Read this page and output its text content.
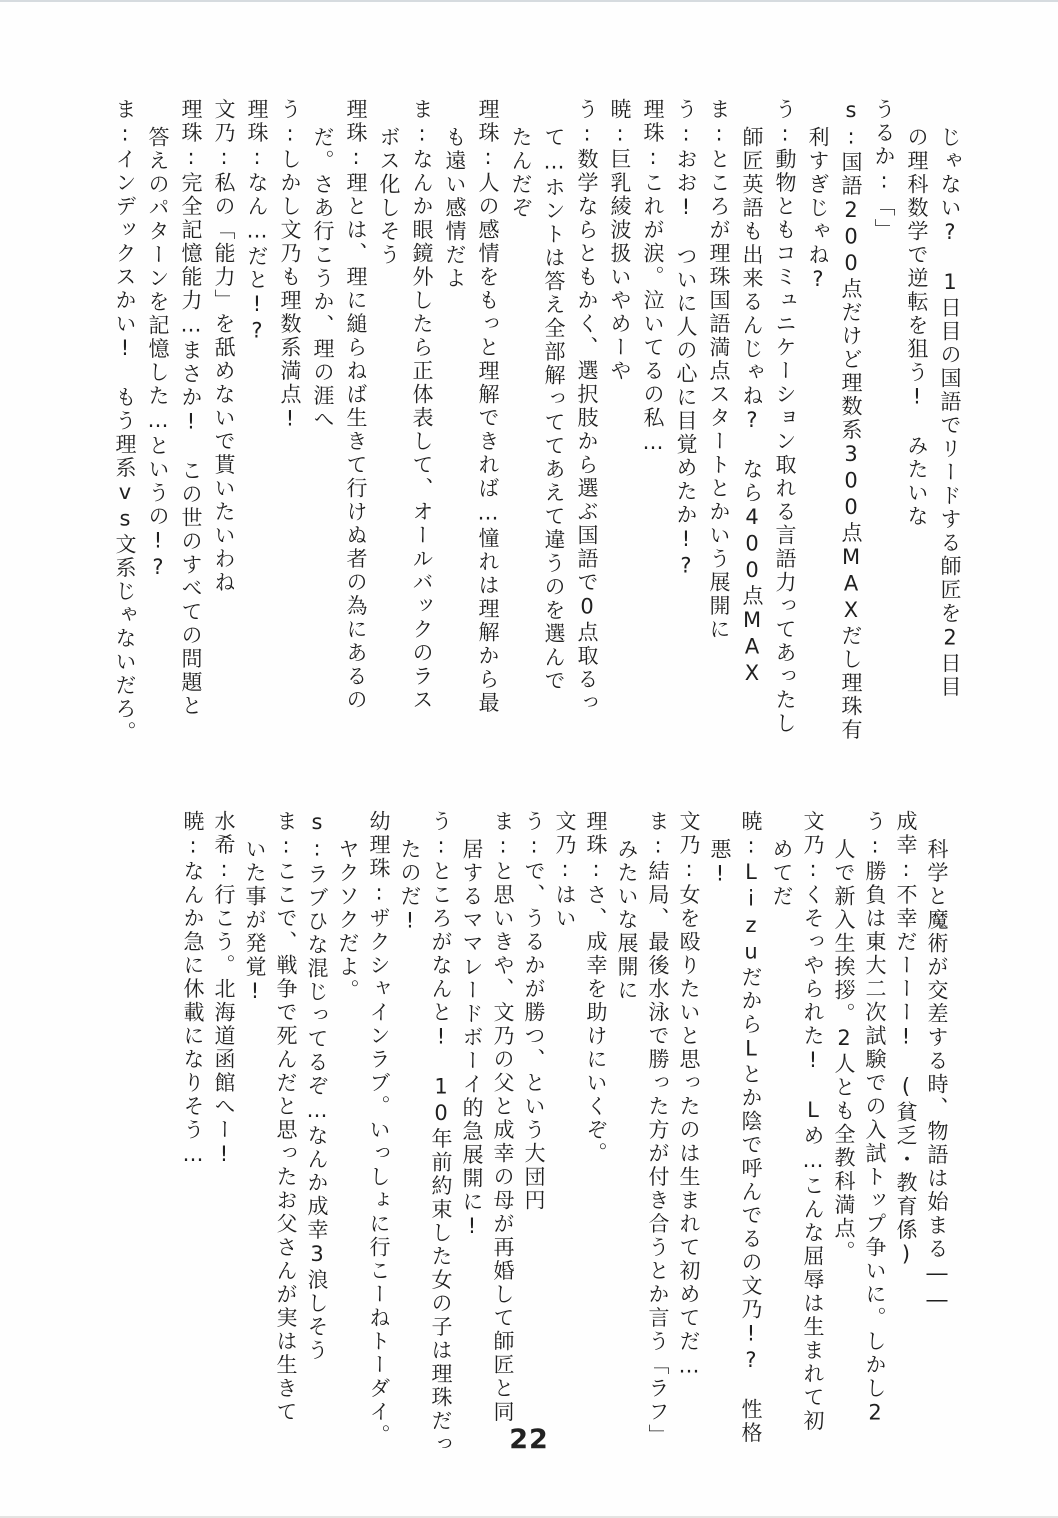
じゃない?　1日目の国語でリードする師匠を2日目
の理科数学で逆転を狙う!　みたいな
うるか:「」
s:国語200点だけど理数系300点MAXだし理珠有
利すぎじゃね?
う:動物ともコミュニケーション取れる言語力ってあったし
師匠英語も出来るんじゃね?　なら400点MAX
ま:ところが理珠国語満点スタートとかいう展開に
う:おお!　ついに人の心に目覚めたか!?
理珠:これが涙。泣いてるの私…
暁:巨乳綾波扱いやめーや
う:数学ならともかく、選択肢から選ぶ国語で0点取るっ
て…ホントは答え全部解っててあえて違うのを選んで
たんだぞ
理珠:人の感情をもっと理解できれば…憧れは理解から最
も遠い感情だよ
ま:なんか眼鏡外したら正体表して、オールバックのラス
ボス化しそう
理珠:理とは、理に縋らねば生きて行けぬ者の為にあるの
だ。さあ行こうか、理の涯へ
う:しかし文乃も理数系満点!
理珠:なん…だと!?
文乃:私の「能力」を舐めないで貰いたいわね
理珠:完全記憶能力…まさか!　この世のすべての問題と
答えのパターンを記憶した…というの!?
ま:インデックスかい!　もう理系vs文系じゃないだろ。
科学と魔術が交差する時、物語は始まる――
成幸:不幸だーーー!　(貧乏・教育係)
う:勝負は東大二次試験での入試トップ争いに。しかし2
人で新入生挨拶。2人とも全教科満点。
文乃:くそっやられた!　Lめ…こんな屈辱は生まれて初
めてだ
暁:LizuだからLとか陰で呼んでるの文乃!?　性格
悪!
文乃:女を殴りたいと思ったのは生まれて初めてだ…
ま:結局、最後水泳で勝った方が付き合うとか言う「ラフ」
みたいな展開に
理珠:さ、成幸を助けにいくぞ。
文乃:はい
う:で、うるかが勝つ、という大団円
ま:と思いきや、文乃の父と成幸の母が再婚して師匠と同
居するママレードボーイ的急展開に!
う:ところがなんと!　10年前約束した女の子は理珠だっ
たのだ!
幼理珠:ザクシャインラブ。いっしょに行こーねトーダイ。
ヤクソクだよ。
s:ラブひな混じってるぞ…なんか成幸3浪しそう
ま:ここで、戦争で死んだと思ったお父さんが実は生きて
いた事が発覚!
水希:行こう。北海道函館へー!
暁:なんか急に休載になりそう…
22
